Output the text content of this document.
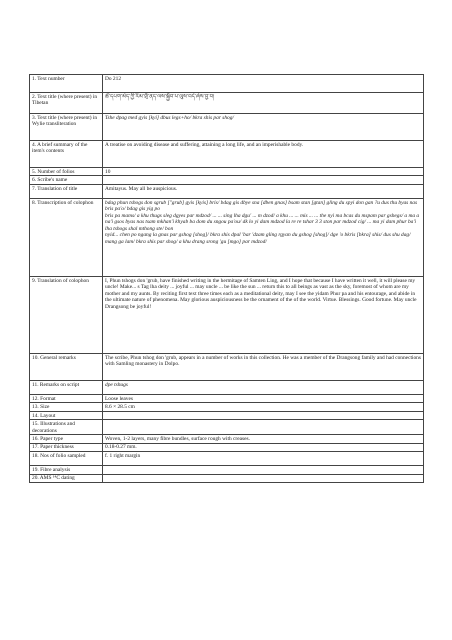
1. Text number	Do 212
2. Text title (where present) in Tibetan	ཚེ་དཔག་མེད་ཀྱི་རིམ་གྲོ་ནད་ལས་སྐྱོབ་པ་ལུས་བདེ་ཞེས་བྱ་བ།
3. Text title (where present) in Wylie transliteration	Tshe dpag med gyis [kyi] dbus legs+ho/ bkra shis par shog/
4. A brief summary of the item's contents	A treatise on avoiding disease and suffering, attaining a long life, and an imperishable body.
5. Number of folios	10
6. Scribe's name	
7. Translation of title	Amitayus. May all be auspicious.
8. Transcription of colophon	bdag phun tshogs don sgrub ["grub] gyis [kyis] bris/ bdag gis dbye sna [dben gnas] bsam stan [gtan] gling du spyi don gan ?u dus thu byas nas bris pa'o/ bdag gis yig po
bris pa mams/ a khu thugs sleg dgyes par mdzod/ ... ... sing lha dgu' ... m dzod/ a khu ... ... mis ... ... the nyi ma bcas du mspam par gshegs/ a ma a na'i gsos byas nas tsam mkhan'i khyab ba dom du sngou pa'ou/ dk lo yi dam mdzod la re re tshar 3 3 ston par mdzod cig/ ... ma yi dam phur ba'i lha tshogs shal mthong ste/ bon
nyid... chen po ngang la gnas par gshog [shog]/ bkra shis dpal 'bar 'dzam gling rgyan du gshog [shog]/ dge 'o bkris [bkra] shis/ dus shu dag/ mang ga lam/ bkra shis par shog/ a khu drang srong 'gu [mgo] par mdzod/
9. Translation of colophon	I, Phun tshogs don 'grub, have finished writing in the hermitage of Samten Ling, and I hope that because I have written it well, it will please my uncle! Make... s Tag lha deity ... joyful ... may uncle ... be like the sun ... return this to all beings as vast as the sky, foremost of whom are my mother and my aunts. By reciting first text three times each as a meditational deity, may I see the yidam Phur pa and his entourage, and abide in the ultimate nature of phenomena. May glorious auspiciousness be the ornament of the of the world. Virtue. Blessings. Good fortune. May uncle Drangsong be joyful!
10. General remarks	The scribe, Phun tshog don 'grub, appears in a number of works in this collection. He was a member of the Drangsong family and had connections with Samling monastery in Dolpo.
11. Remarks on script	dpe tshugs
12. Format	Loose leaves
13. Size	8.6 × 28.5 cm
14. Layout	
15. Illustrations and decorations	
16. Paper type	Woven, 1-2 layers, many fibre bundles, surface rough with creases.
17. Paper thickness	0.18-0.27 mm.
18. Nos of folio sampled	f. 1 right margin
19. Fibre analysis	
20. AMS ¹⁴C dating	
